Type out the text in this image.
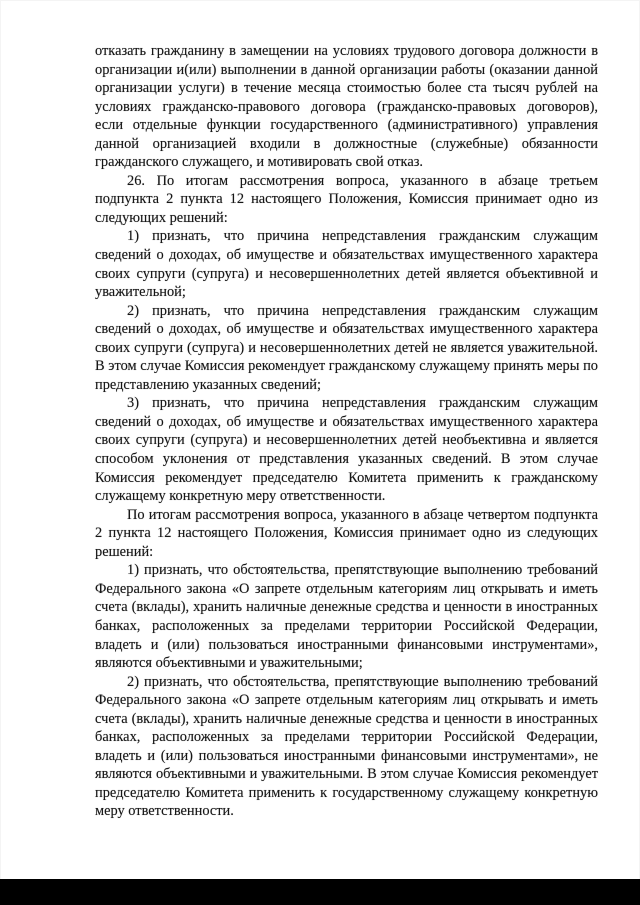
отказать гражданину в замещении на условиях трудового договора должности в организации и(или) выполнении в данной организации работы (оказании данной организации услуги) в течение месяца стоимостью более ста тысяч рублей на условиях гражданско-правового договора (гражданско-правовых договоров), если отдельные функции государственного (административного) управления данной организацией входили в должностные (служебные) обязанности гражданского служащего, и мотивировать свой отказ.

26. По итогам рассмотрения вопроса, указанного в абзаце третьем подпункта 2 пункта 12 настоящего Положения, Комиссия принимает одно из следующих решений:

1) признать, что причина непредставления гражданским служащим сведений о доходах, об имуществе и обязательствах имущественного характера своих супруги (супруга) и несовершеннолетних детей является объективной и уважительной;

2) признать, что причина непредставления гражданским служащим сведений о доходах, об имуществе и обязательствах имущественного характера своих супруги (супруга) и несовершеннолетних детей не является уважительной. В этом случае Комиссия рекомендует гражданскому служащему принять меры по представлению указанных сведений;

3) признать, что причина непредставления гражданским служащим сведений о доходах, об имуществе и обязательствах имущественного характера своих супруги (супруга) и несовершеннолетних детей необъективна и является способом уклонения от представления указанных сведений. В этом случае Комиссия рекомендует председателю Комитета применить к гражданскому служащему конкретную меру ответственности.

По итогам рассмотрения вопроса, указанного в абзаце четвертом подпункта 2 пункта 12 настоящего Положения, Комиссия принимает одно из следующих решений:

1) признать, что обстоятельства, препятствующие выполнению требований Федерального закона «О запрете отдельным категориям лиц открывать и иметь счета (вклады), хранить наличные денежные средства и ценности в иностранных банках, расположенных за пределами территории Российской Федерации, владеть и (или) пользоваться иностранными финансовыми инструментами», являются объективными и уважительными;

2) признать, что обстоятельства, препятствующие выполнению требований Федерального закона «О запрете отдельным категориям лиц открывать и иметь счета (вклады), хранить наличные денежные средства и ценности в иностранных банках, расположенных за пределами территории Российской Федерации, владеть и (или) пользоваться иностранными финансовыми инструментами», не являются объективными и уважительными. В этом случае Комиссия рекомендует председателю Комитета применить к государственному служащему конкретную меру ответственности.
